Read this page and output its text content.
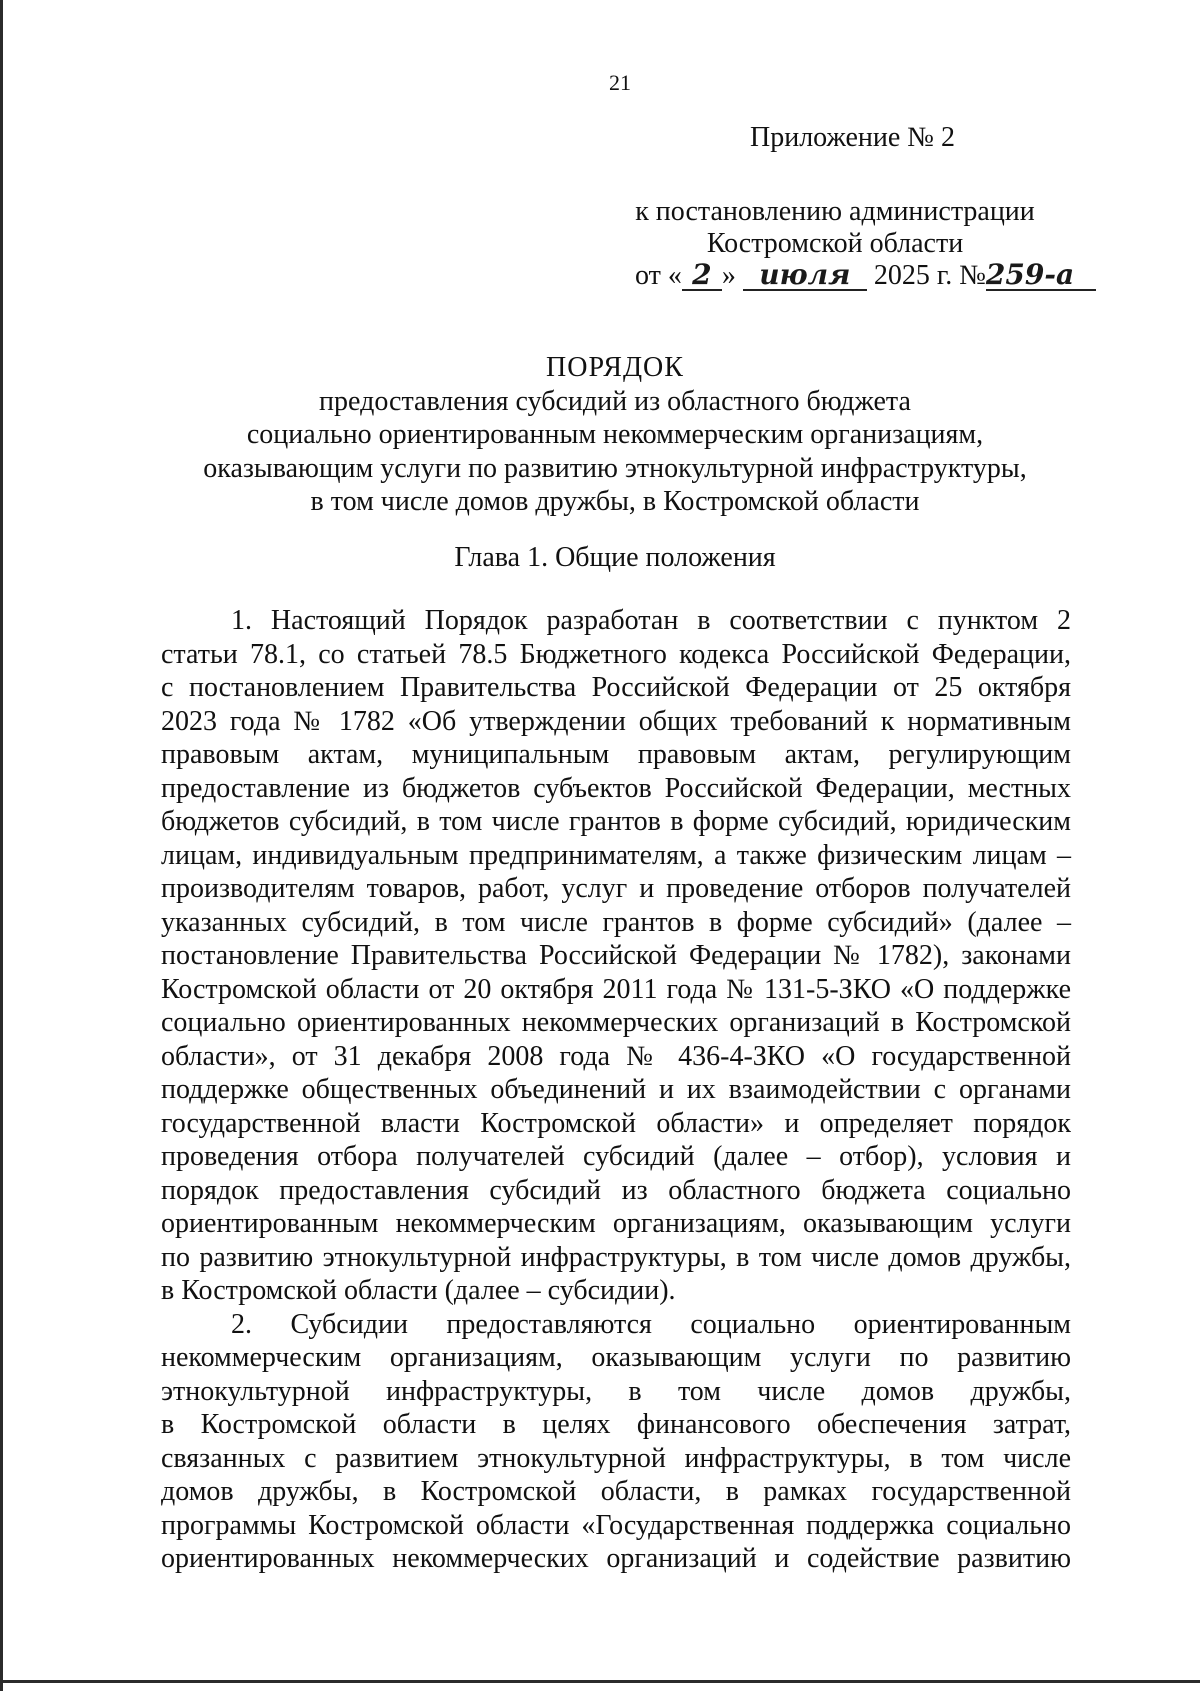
21
Приложение № 2
к постановлению администрации
Костромской области
от « 2 » июля 2025 г. №259-а
ПОРЯДОК
предоставления субсидий из областного бюджета
социально ориентированным некоммерческим организациям,
оказывающим услуги по развитию этнокультурной инфраструктуры,
в том числе домов дружбы, в Костромской области
Глава 1. Общие положения
1. Настоящий Порядок разработан в соответствии с пунктом 2
статьи 78.1, со статьей 78.5 Бюджетного кодекса Российской Федерации,
с постановлением Правительства Российской Федерации от 25 октября
2023 года № 1782 «Об утверждении общих требований к нормативным
правовым актам, муниципальным правовым актам, регулирующим
предоставление из бюджетов субъектов Российской Федерации, местных
бюджетов субсидий, в том числе грантов в форме субсидий, юридическим
лицам, индивидуальным предпринимателям, а также физическим лицам –
производителям товаров, работ, услуг и проведение отборов получателей
указанных субсидий, в том числе грантов в форме субсидий» (далее –
постановление Правительства Российской Федерации № 1782), законами
Костромской области от 20 октября 2011 года № 131-5-ЗКО «О поддержке
социально ориентированных некоммерческих организаций в Костромской
области», от 31 декабря 2008 года № 436-4-ЗКО «О государственной
поддержке общественных объединений и их взаимодействии с органами
государственной власти Костромской области» и определяет порядок
проведения отбора получателей субсидий (далее – отбор), условия и
порядок предоставления субсидий из областного бюджета социально
ориентированным некоммерческим организациям, оказывающим услуги
по развитию этнокультурной инфраструктуры, в том числе домов дружбы,
в Костромской области (далее – субсидии).
2. Субсидии предоставляются социально ориентированным
некоммерческим организациям, оказывающим услуги по развитию
этнокультурной инфраструктуры, в том числе домов дружбы,
в Костромской области в целях финансового обеспечения затрат,
связанных с развитием этнокультурной инфраструктуры, в том числе
домов дружбы, в Костромской области, в рамках государственной
программы Костромской области «Государственная поддержка социально
ориентированных некоммерческих организаций и содействие развитию
